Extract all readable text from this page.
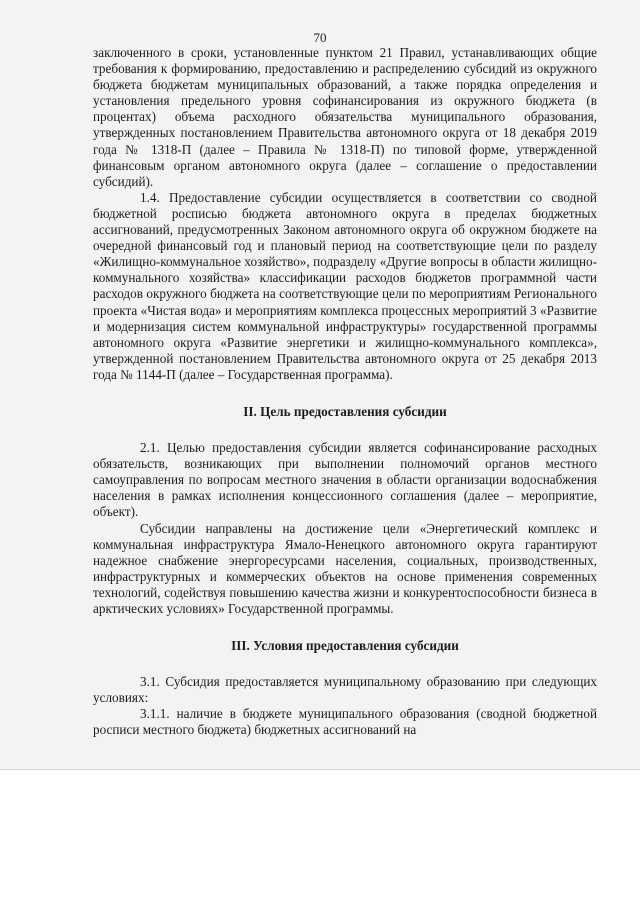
70

заключенного в сроки, установленные пунктом 21 Правил, устанавливающих общие требования к формированию, предоставлению и распределению субсидий из окружного бюджета бюджетам муниципальных образований, а также порядка определения и установления предельного уровня софинансирования из окружного бюджета (в процентах) объема расходного обязательства муниципального образования, утвержденных постановлением Правительства автономного округа от 18 декабря 2019 года № 1318-П (далее – Правила № 1318-П) по типовой форме, утвержденной финансовым органом автономного округа (далее – соглашение о предоставлении субсидий).

1.4. Предоставление субсидии осуществляется в соответствии со сводной бюджетной росписью бюджета автономного округа в пределах бюджетных ассигнований, предусмотренных Законом автономного округа об окружном бюджете на очередной финансовый год и плановый период на соответствующие цели по разделу «Жилищно-коммунальное хозяйство», подразделу «Другие вопросы в области жилищно-коммунального хозяйства» классификации расходов бюджетов программной части расходов окружного бюджета на соответствующие цели по мероприятиям Регионального проекта «Чистая вода» и мероприятиям комплекса процессных мероприятий 3 «Развитие и модернизация систем коммунальной инфраструктуры» государственной программы автономного округа «Развитие энергетики и жилищно-коммунального комплекса», утвержденной постановлением Правительства автономного округа от 25 декабря 2013 года № 1144-П (далее – Государственная программа).

II. Цель предоставления субсидии

2.1. Целью предоставления субсидии является софинансирование расходных обязательств, возникающих при выполнении полномочий органов местного самоуправления по вопросам местного значения в области организации водоснабжения населения в рамках исполнения концессионного соглашения (далее – мероприятие, объект).

Субсидии направлены на достижение цели «Энергетический комплекс и коммунальная инфраструктура Ямало-Ненецкого автономного округа гарантируют надежное снабжение энергоресурсами населения, социальных, производственных, инфраструктурных и коммерческих объектов на основе применения современных технологий, содействуя повышению качества жизни и конкурентоспособности бизнеса в арктических условиях» Государственной программы.

III. Условия предоставления субсидии

3.1. Субсидия предоставляется муниципальному образованию при следующих условиях:

3.1.1. наличие в бюджете муниципального образования (сводной бюджетной росписи местного бюджета) бюджетных ассигнований на
